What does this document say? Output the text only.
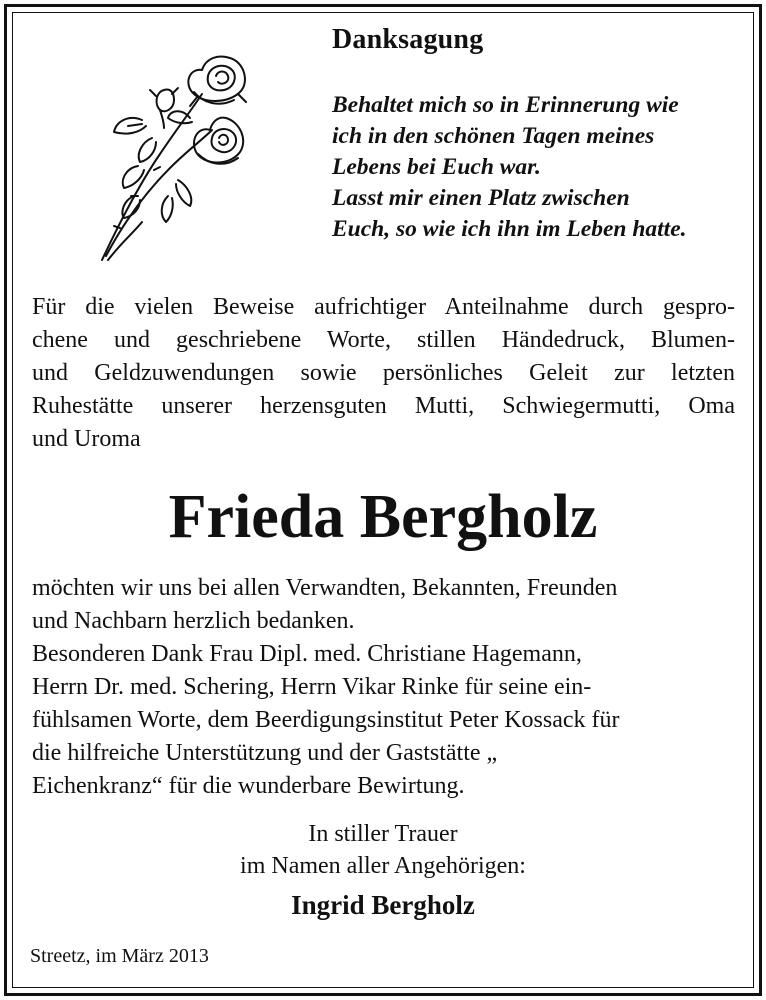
Danksagung
Behaltet mich so in Erinnerung wie
ich in den schönen Tagen meines
Lebens bei Euch war.
Lasst mir einen Platz zwischen
Euch, so wie ich ihn im Leben hatte.
Für die vielen Beweise aufrichtiger Anteilnahme durch gespro-
chene und geschriebene Worte, stillen Händedruck, Blumen-
und Geldzuwendungen sowie persönliches Geleit zur letzten
Ruhestätte unserer herzensguten Mutti, Schwiegermutti, Oma
und Uroma
Frieda Bergholz
möchten wir uns bei allen Verwandten, Bekannten, Freunden
und Nachbarn herzlich bedanken.
Besonderen Dank Frau Dipl. med. Christiane Hagemann,
Herrn Dr. med. Schering, Herrn Vikar Rinke für seine ein-
fühlsamen Worte, dem Beerdigungsinstitut Peter Kossack für
die hilfreiche Unterstützung und der Gaststätte „
Eichenkranz“ für die wunderbare Bewirtung.
In stiller Trauer
im Namen aller Angehörigen:

Ingrid Bergholz

Streetz, im März 2013
